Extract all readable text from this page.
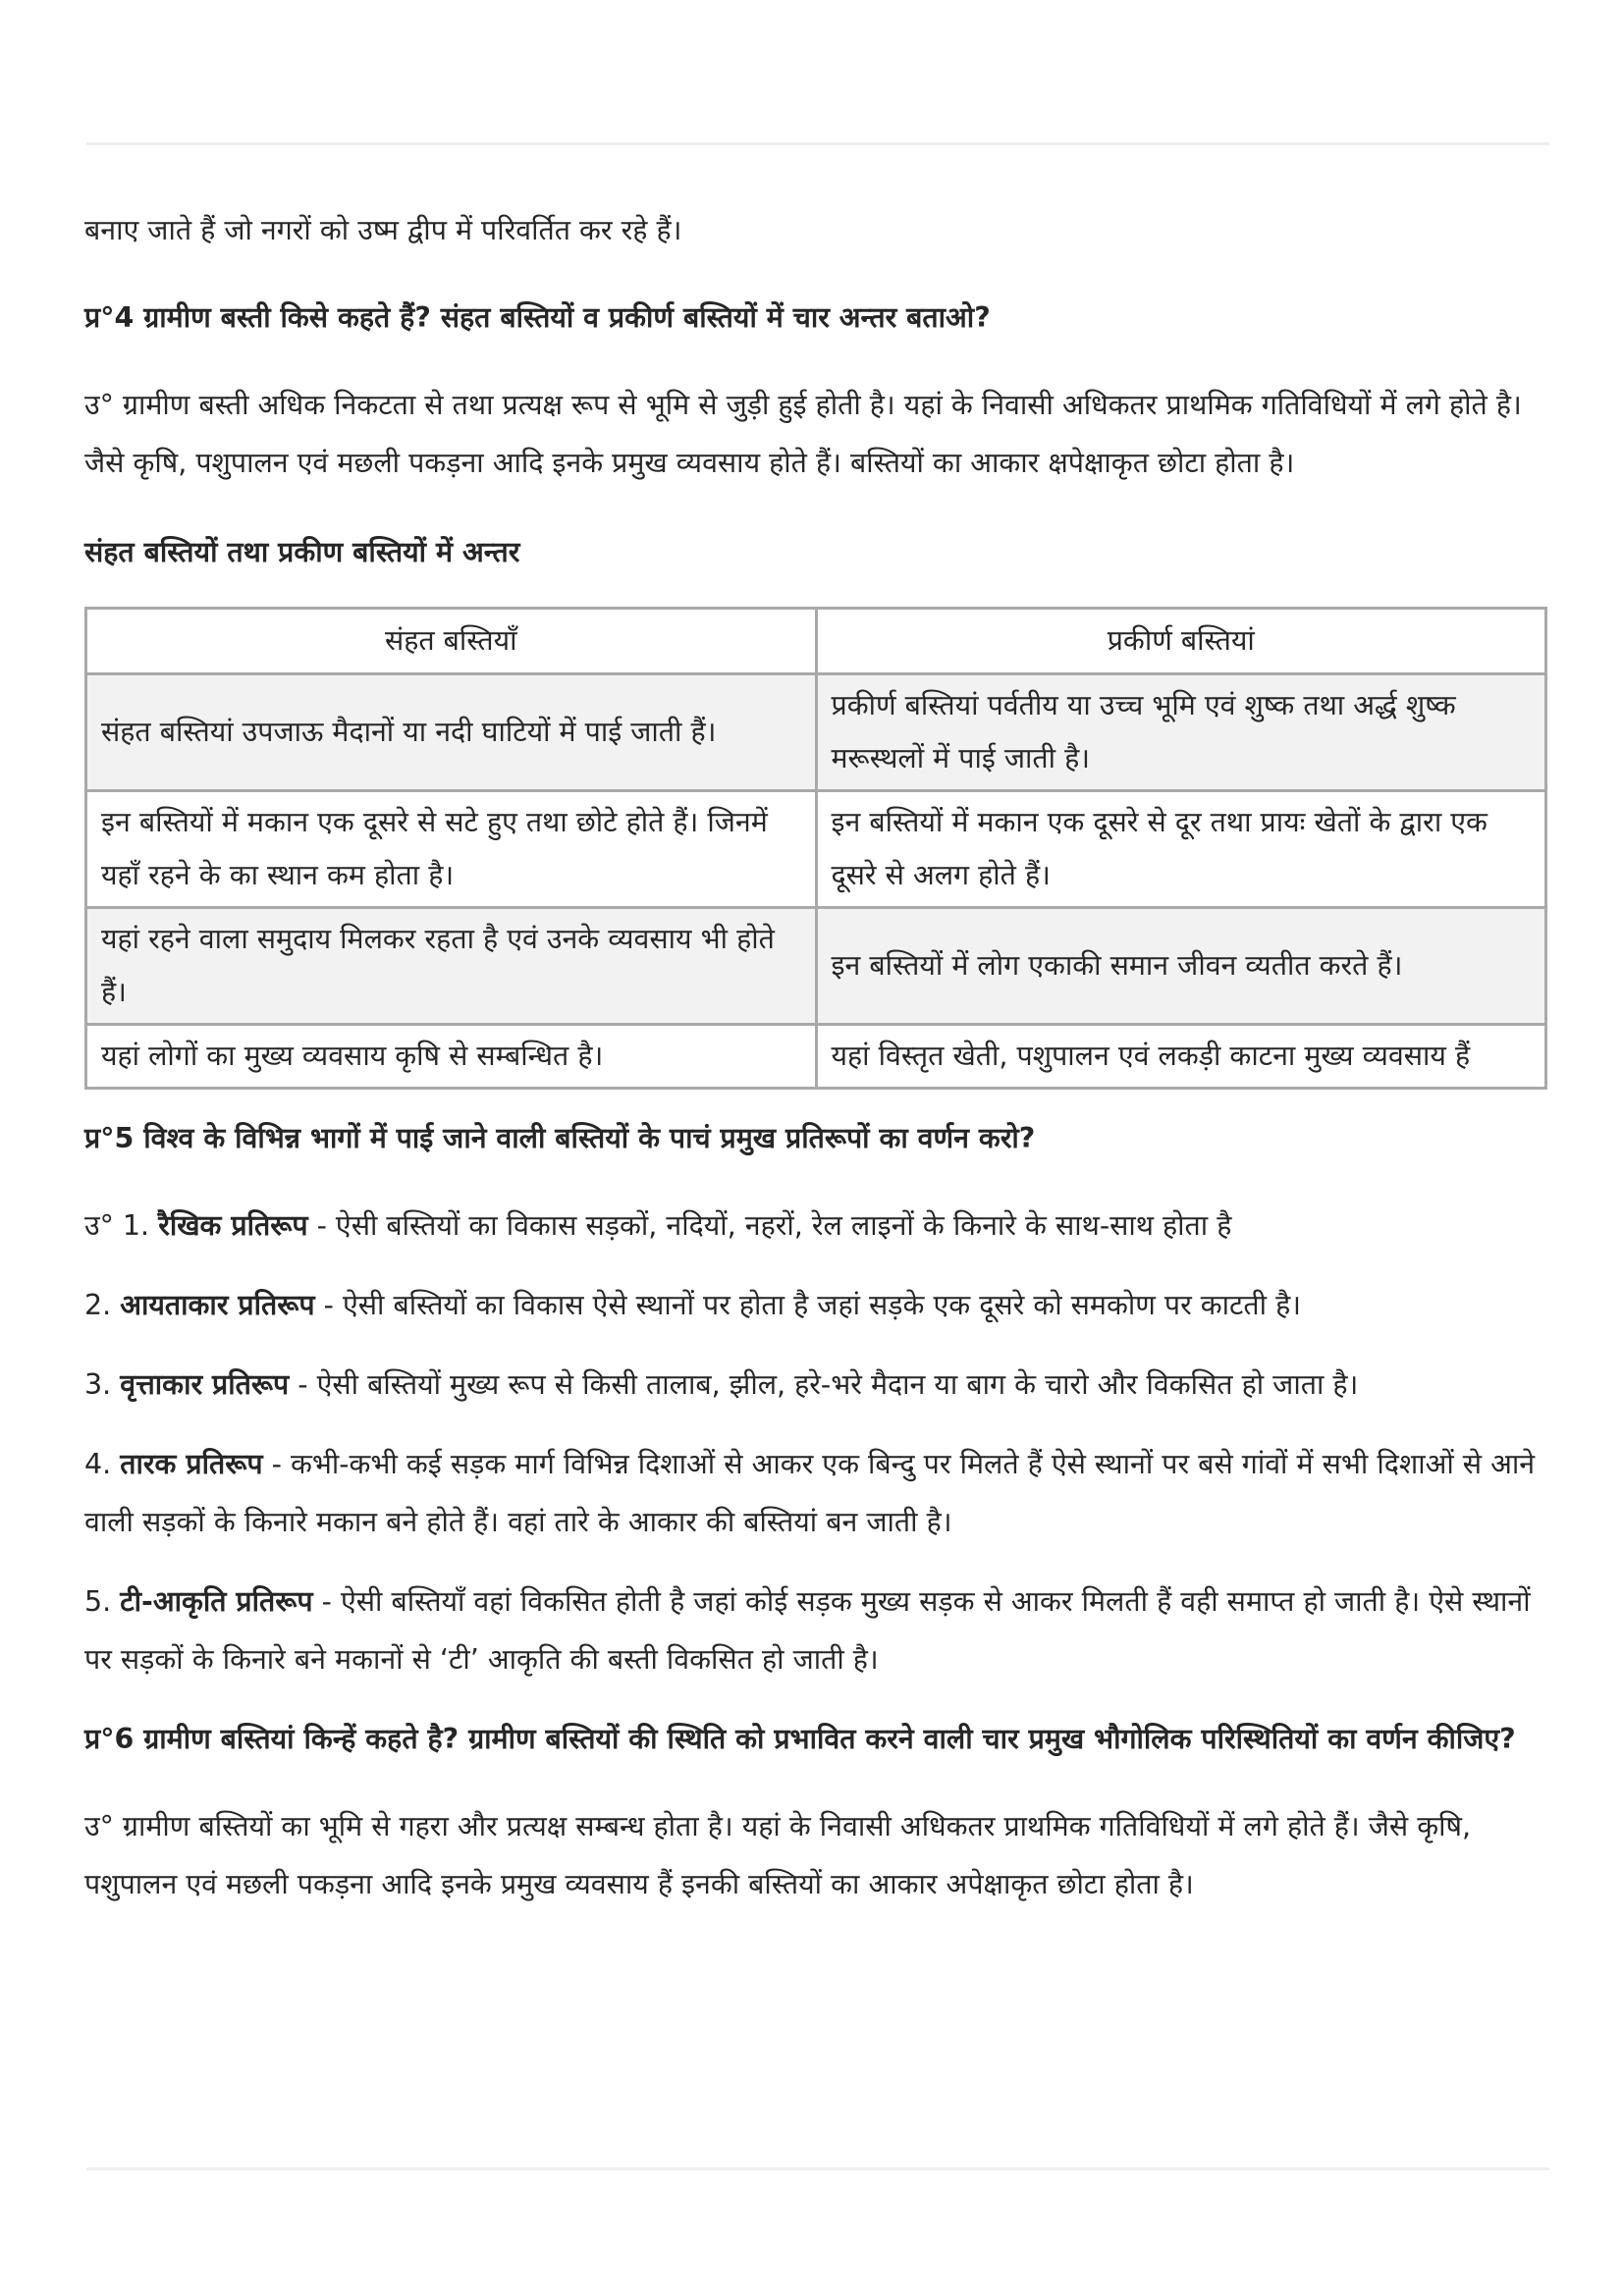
बनाए जाते हैं जो नगरों को उष्म द्वीप में परिवर्तित कर रहे हैं।

प्र°4 ग्रामीण बस्ती किसे कहते हैं? संहत बस्तियों व प्रकीर्ण बस्तियों में चार अन्तर बताओ?

उ° ग्रामीण बस्ती अधिक निकटता से तथा प्रत्यक्ष रूप से भूमि से जुड़ी हुई होती है। यहां के निवासी अधिकतर प्राथमिक गतिविधियों में लगे होते है। जैसे कृषि, पशुपालन एवं मछली पकड़ना आदि इनके प्रमुख व्यवसाय होते हैं। बस्तियों का आकार क्षपेक्षाकृत छोटा होता है।

संहत बस्तियों तथा प्रकीण बस्तियों में अन्तर

संहत बस्तियाँ	प्रकीर्ण बस्तियां
संहत बस्तियां उपजाऊ मैदानों या नदी घाटियों में पाई जाती हैं।	प्रकीर्ण बस्तियां पर्वतीय या उच्च भूमि एवं शुष्क तथा अर्द्ध शुष्क मरूस्थलों में पाई जाती है।
इन बस्तियों में मकान एक दूसरे से सटे हुए तथा छोटे होते हैं। जिनमें यहाँ रहने के का स्थान कम होता है।	इन बस्तियों में मकान एक दूसरे से दूर तथा प्रायः खेतों के द्वारा एक दूसरे से अलग होते हैं।
यहां रहने वाला समुदाय मिलकर रहता है एवं उनके व्यवसाय भी होते हैं।	इन बस्तियों में लोग एकाकी समान जीवन व्यतीत करते हैं।
यहां लोगों का मुख्य व्यवसाय कृषि से सम्बन्धित है।	यहां विस्तृत खेती, पशुपालन एवं लकड़ी काटना मुख्य व्यवसाय हैं

प्र°5 विश्व के विभिन्न भागों में पाई जाने वाली बस्तियों के पाचं प्रमुख प्रतिरूपों का वर्णन करो?

उ° 1. रैखिक प्रतिरूप - ऐसी बस्तियों का विकास सड़कों, नदियों, नहरों, रेल लाइनों के किनारे के साथ-साथ होता है

2. आयताकार प्रतिरूप - ऐसी बस्तियों का विकास ऐसे स्थानों पर होता है जहां सड़के एक दूसरे को समकोण पर काटती है।

3. वृत्ताकार प्रतिरूप - ऐसी बस्तियों मुख्य रूप से किसी तालाब, झील, हरे-भरे मैदान या बाग के चारो और विकसित हो जाता है।

4. तारक प्रतिरूप - कभी-कभी कई सड़क मार्ग विभिन्न दिशाओं से आकर एक बिन्दु पर मिलते हैं ऐसे स्थानों पर बसे गांवों में सभी दिशाओं से आने वाली सड़कों के किनारे मकान बने होते हैं। वहां तारे के आकार की बस्तियां बन जाती है।

5. टी-आकृति प्रतिरूप - ऐसी बस्तियाँ वहां विकसित होती है जहां कोई सड़क मुख्य सड़क से आकर मिलती हैं वही समाप्त हो जाती है। ऐसे स्थानों पर सड़कों के किनारे बने मकानों से ‘टी’ आकृति की बस्ती विकसित हो जाती है।

प्र°6 ग्रामीण बस्तियां किन्हें कहते है? ग्रामीण बस्तियों की स्थिति को प्रभावित करने वाली चार प्रमुख भौगोलिक परिस्थितियों का वर्णन कीजिए?

उ° ग्रामीण बस्तियों का भूमि से गहरा और प्रत्यक्ष सम्बन्ध होता है। यहां के निवासी अधिकतर प्राथमिक गतिविधियों में लगे होते हैं। जैसे कृषि, पशुपालन एवं मछली पकड़ना आदि इनके प्रमुख व्यवसाय हैं इनकी बस्तियों का आकार अपेक्षाकृत छोटा होता है।
